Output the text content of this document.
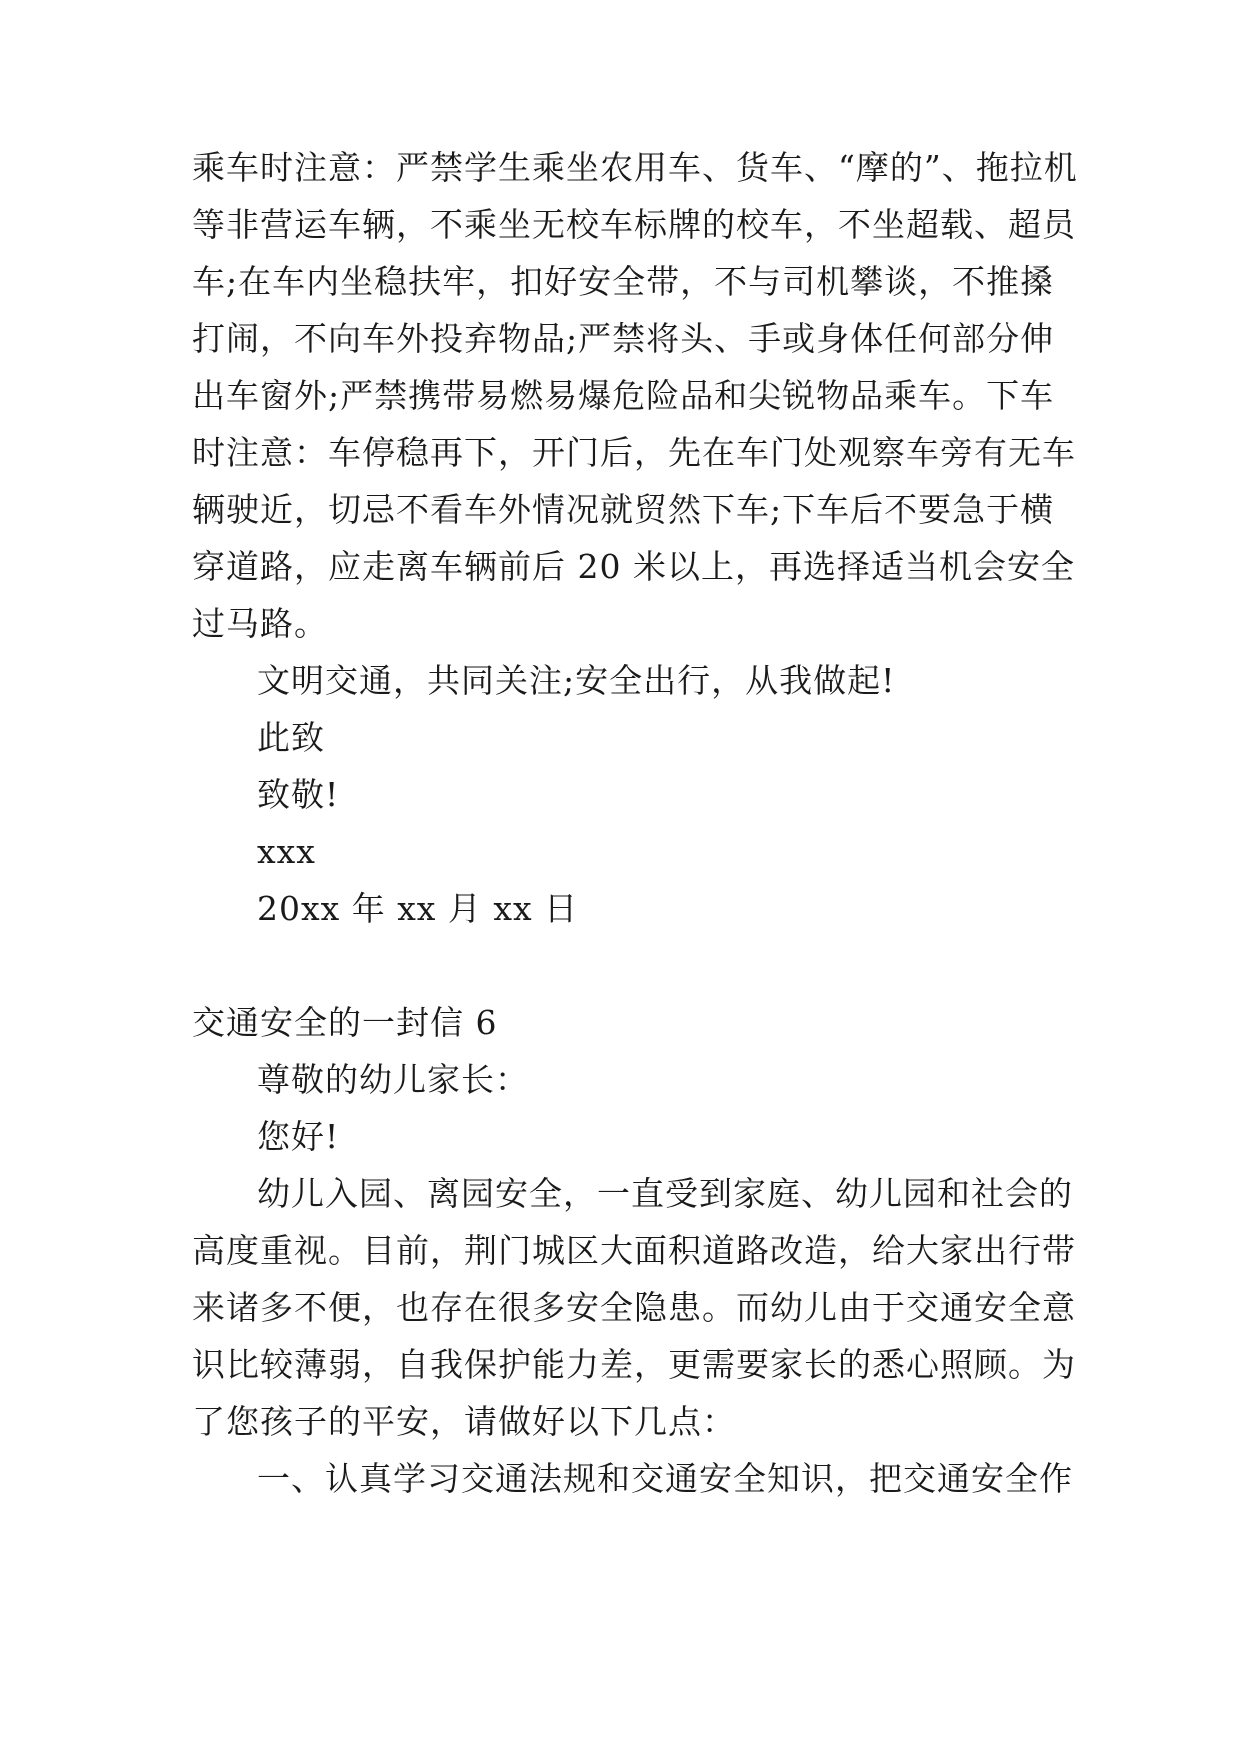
乘车时注意：严禁学生乘坐农用车、货车、“摩的”、拖拉机
等非营运车辆，不乘坐无校车标牌的校车，不坐超载、超员
车;在车内坐稳扶牢，扣好安全带，不与司机攀谈，不推搡
打闹，不向车外投弃物品;严禁将头、手或身体任何部分伸
出车窗外;严禁携带易燃易爆危险品和尖锐物品乘车。下车
时注意：车停稳再下，开门后，先在车门处观察车旁有无车
辆驶近，切忌不看车外情况就贸然下车;下车后不要急于横
穿道路，应走离车辆前后 20 米以上，再选择适当机会安全
过马路。
文明交通，共同关注;安全出行，从我做起!
此致
致敬!
xxx
20xx 年 xx 月 xx 日
交通安全的一封信 6
尊敬的幼儿家长：
您好!
幼儿入园、离园安全，一直受到家庭、幼儿园和社会的
高度重视。目前，荆门城区大面积道路改造，给大家出行带
来诸多不便，也存在很多安全隐患。而幼儿由于交通安全意
识比较薄弱，自我保护能力差，更需要家长的悉心照顾。为
了您孩子的平安，请做好以下几点：
一、认真学习交通法规和交通安全知识，把交通安全作
